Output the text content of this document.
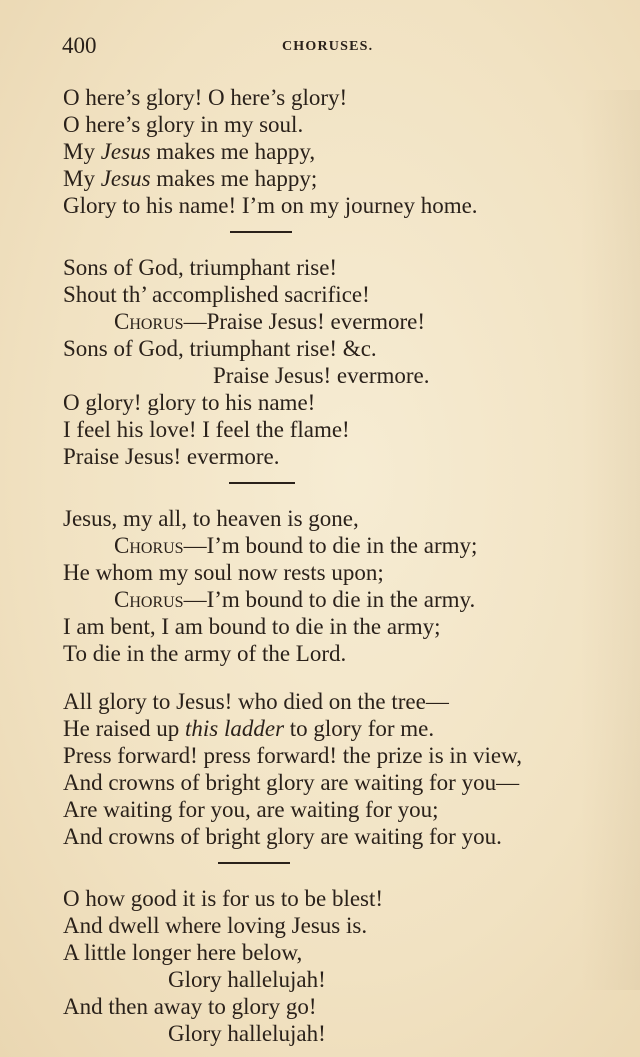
400	CHORUSES.
O here’s glory! O here’s glory!
O here’s glory in my soul.
My Jesus makes me happy,
My Jesus makes me happy;
Glory to his name! I’m on my journey home.
Sons of God, triumphant rise!
Shout th’ accomplished sacrifice!
Chorus—Praise Jesus! evermore!
Sons of God, triumphant rise! &c.
Praise Jesus! evermore.
O glory! glory to his name!
I feel his love! I feel the flame!
Praise Jesus! evermore.
Jesus, my all, to heaven is gone,
Chorus—I’m bound to die in the army;
He whom my soul now rests upon;
Chorus—I’m bound to die in the army.
I am bent, I am bound to die in the army;
To die in the army of the Lord.
All glory to Jesus! who died on the tree—
He raised up this ladder to glory for me.
Press forward! press forward! the prize is in view,
And crowns of bright glory are waiting for you—
Are waiting for you, are waiting for you;
And crowns of bright glory are waiting for you.
O how good it is for us to be blest!
And dwell where loving Jesus is.
A little longer here below,
Glory hallelujah!
And then away to glory go!
Glory hallelujah!
